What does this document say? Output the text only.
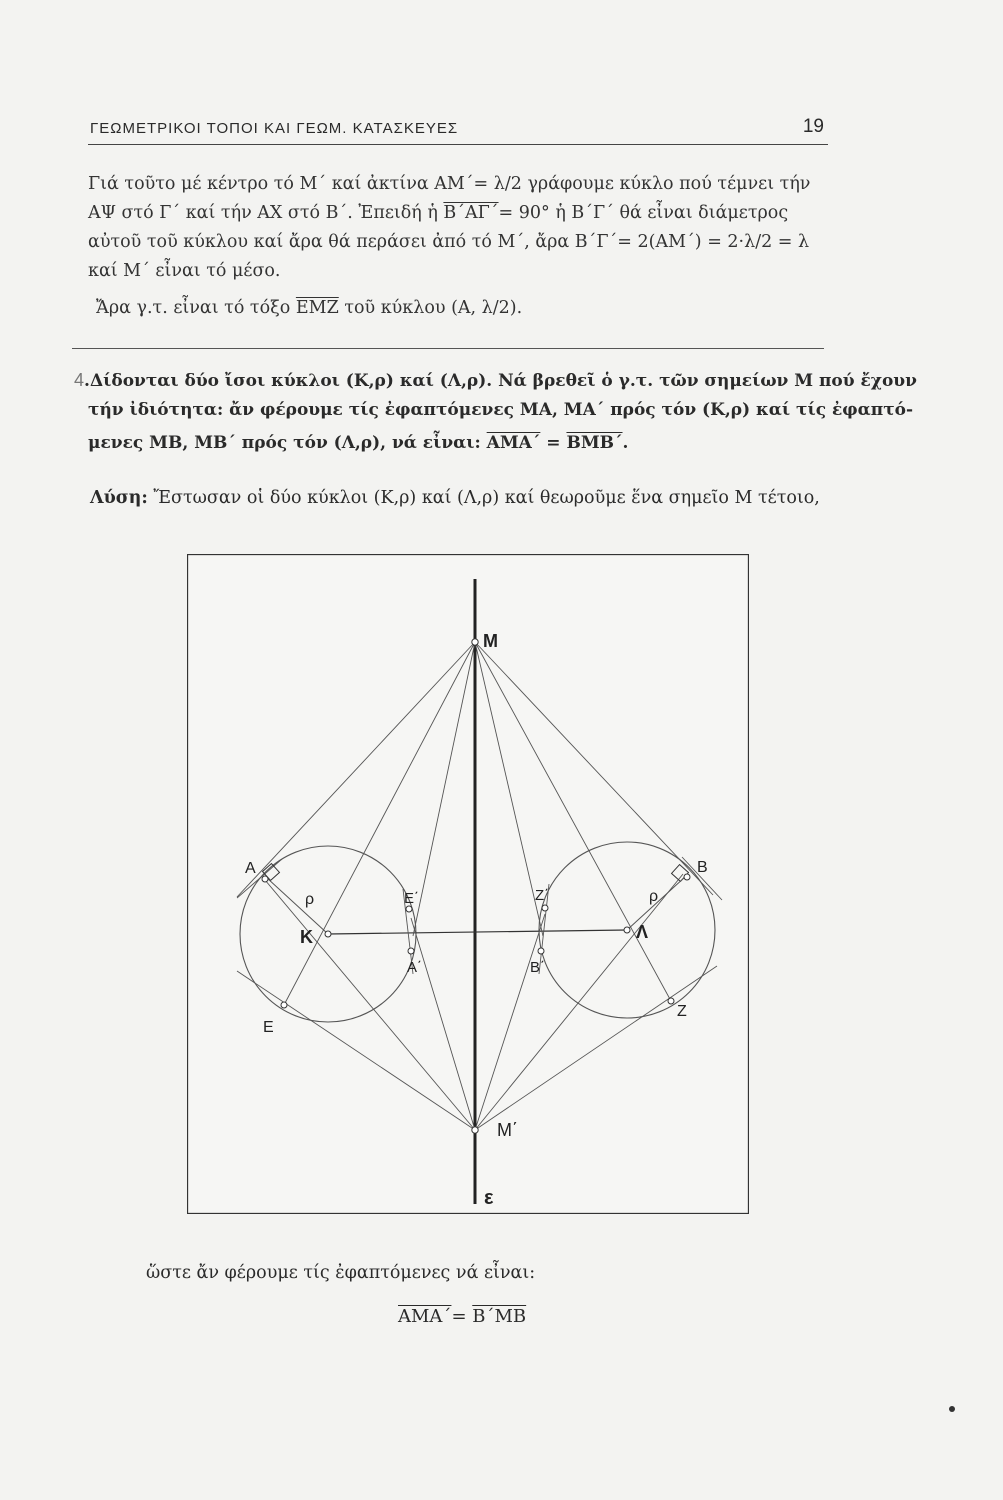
ΓΕΩΜΕΤΡΙΚΟΙ ΤΟΠΟΙ ΚΑΙ ΓΕΩΜ. ΚΑΤΑΣΚΕΥΕΣ	19
Γιά τοῦτο μέ κέντρο τό Μ΄ καί ἀκτίνα ΑΜ΄= λ/2 γράφουμε κύκλο πού τέμνει τήν
ΑΨ στό Γ΄ καί τήν ΑΧ στό Β΄. Ἐπειδή ἡ Β΄ΑΓ΄= 90° ἡ Β΄Γ΄ θά εἶναι διάμετρος
αὐτοῦ τοῦ κύκλου καί ἄρα θά περάσει ἀπό τό Μ΄, ἄρα Β΄Γ΄= 2(ΑΜ΄) = 2·λ/2 = λ
καί Μ΄ εἶναι τό μέσο.
Ἄρα γ.τ. εἶναι τό τόξο $\overline{EMZ}$ τοῦ κύκλου (Α, λ/2).
4.Δίδονται δύο ἴσοι κύκλοι (Κ,ρ) καί (Λ,ρ). Νά βρεθεῖ ὁ γ.τ. τῶν σημείων Μ πού ἔχουν
τήν ἰδιότητα: ἄν φέρουμε τίς ἐφαπτόμενες ΜΑ, ΜΑ΄ πρός τόν (Κ,ρ) καί τίς ἐφαπτό-
μενες ΜΒ, ΜΒ΄ πρός τόν (Λ,ρ), νά εἶναι: ΑΜΑ΄ = ΒΜΒ΄.
Λύση: Ἔστωσαν οἱ δύο κύκλοι (Κ,ρ) καί (Λ,ρ) καί θεωροῦμε ἕνα σημεῖο Μ τέτοιο,
Μ
Μ΄
ε
Α	Β
Κ	Λ
ρ	ρ
Ε΄	Ζ΄
Α΄	Β΄
Ε
Ζ
ὥστε ἄν φέρουμε τίς ἐφαπτόμενες νά εἶναι:
ΑΜΑ΄= Β΄ΜΒ
